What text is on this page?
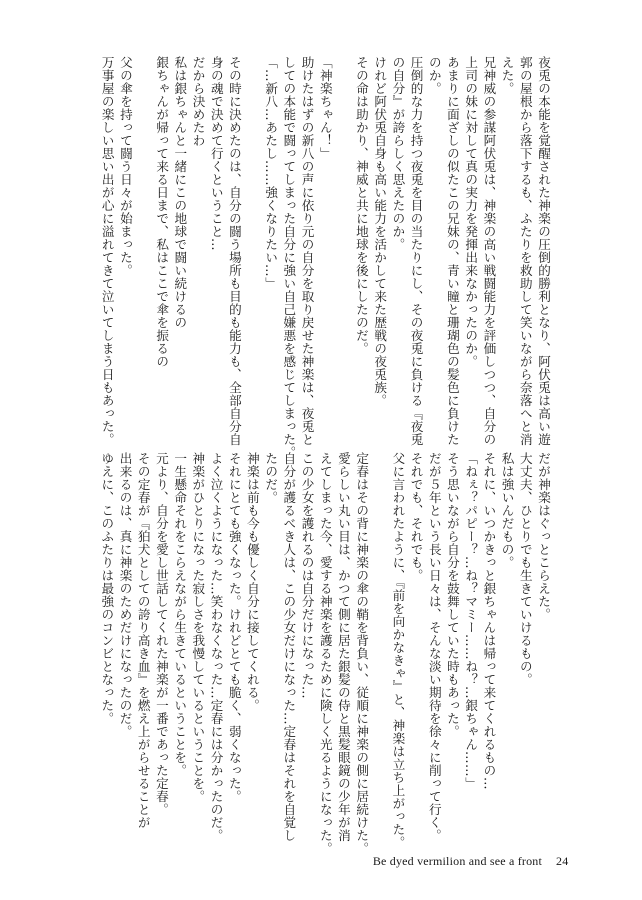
夜兎の本能を覚醒された神楽の圧倒的勝利となり、阿伏兎は高い遊
郭の屋根から落下するも、ふたりを救助して笑いながら奈落へと消
えた。
兄神威の参謀阿伏兎は、神楽の高い戦闘能力を評価しつつ、自分の
上司の妹に対して真の実力を発揮出来なかったのか。
あまりに面ざしの似たこの兄妹の、青い瞳と珊瑚色の髪色に負けた
のか。
圧倒的な力を持つ夜兎を目の当たりにし、その夜兎に負ける『夜兎
の自分』が誇らしく思えたのか。
けれど阿伏兎自身も高い能力を活かして来た歴戦の夜兎族。
その命は助かり、神威と共に地球を後にしたのだ。
「神楽ちゃん！」
助けたはずの新八の声に依り元の自分を取り戻せた神楽は、夜兎と
しての本能で闘ってしまった自分に強い自己嫌悪を感じてしまった。
「…新八…あたし……強くなりたい…」
その時に決めたのは、自分の闘う場所も目的も能力も、全部自分自
身の魂で決めて行くということ…
だから決めたわ
私は銀ちゃんと一緒にこの地球で闘い続けるの
銀ちゃんが帰って来る日まで、私はここで傘を振るの
父の傘を持って闘う日々が始まった。
万事屋の楽しい思い出が心に溢れてきて泣いてしまう日もあった。
だが神楽はぐっとこらえた。
大丈夫、ひとりでも生きていけるもの。
私は強いんだもの。
それに、いつかきっと銀ちゃんは帰って来てくれるもの…
「ねぇ？パピー？…ね？マミー……ね？…銀ちゃん……」
そう思いながら自分を鼓舞していた時もあった。
だが５年という長い日々は、そんな淡い期待を徐々に削って行く。
それでも、それでも。
父に言われたように、『前を向かなきゃ』と、神楽は立ち上がった。
定春はその背に神楽の傘の鞘を背負い、従順に神楽の側に居続けた。
愛らしい丸い目は、かつて側に居た銀髪の侍と黒髪眼鏡の少年が消
えてしまった今、愛する神楽を護るために険しく光るようになった。
この少女を護れるのは自分だけになった…
自分が護るべき人は、この少女だけになった…定春はそれを自覚し
たのだ。
神楽は前も今も優しく自分に接してくれる。
それにとても強くなった。けれどとても脆く、弱くなった。
よく泣くようになった…笑わなくなった…定春には分かったのだ。
神楽がひとりになった寂しさを我慢しているということを。
一生懸命それをこらえながら生きているということを。
元より、自分を愛し世話してくれた神楽が一番であった定春。
その定春が『狛犬としての誇り高き血』を燃え上がらせることが
出来るのは、真に神楽のためだけになったのだ。
ゆえに、このふたりは最強のコンビとなった。

Be dyed vermilion and see a front 24
